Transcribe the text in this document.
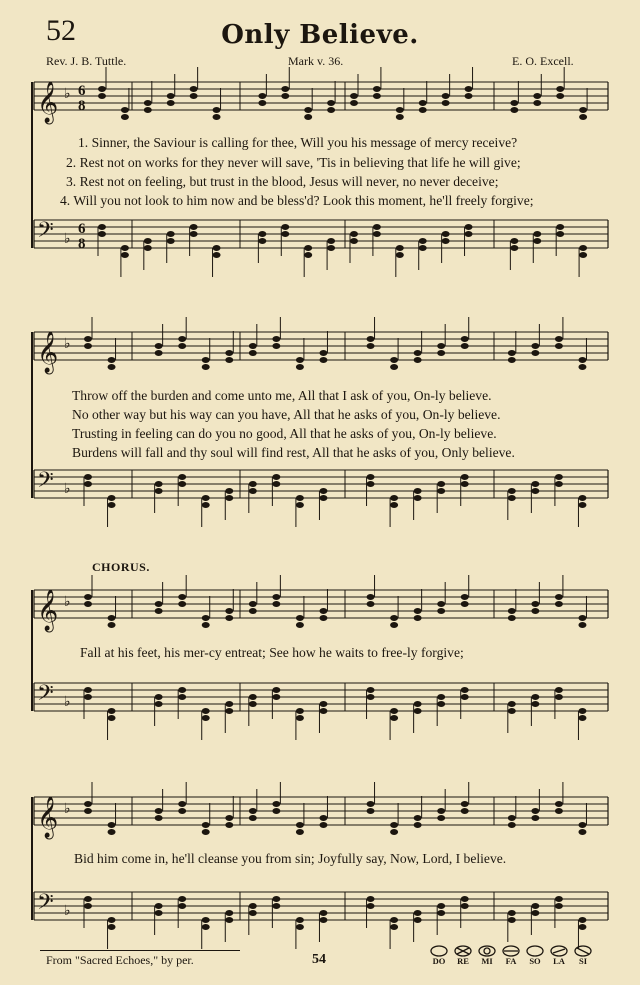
52	Only Believe.
Rev. J. B. Tuttle.	Mark v. 36.	E. O. Excell.
𝄞 ♭ 6
8
𝄢 ♭
6
8
1. Sinner, the Saviour is calling for thee, Will you his message of mercy receive?
2. Rest not on works for they never will save, 'Tis in believing that life he will give;
3. Rest not on feeling, but trust in the blood, Jesus will never, no never deceive;
4. Will you not look to him now and be bless'd? Look this moment, he'll freely forgive;
𝄞 ♭
𝄢 ♭
Throw off the burden and come unto me, All that I ask of you, On-ly believe.
No other way but his way can you have, All that he asks of you, On-ly believe.
Trusting in feeling can do you no good, All that he asks of you, On-ly believe.
Burdens will fall and thy soul will find rest, All that he asks of you, Only believe.
CHORUS.
𝄞 ♭
𝄢 ♭
Fall at his feet, his mer-cy entreat; See how he waits to free-ly forgive;
𝄞 ♭
𝄢 ♭
Bid him come in, he'll cleanse you from sin; Joyfully say, Now, Lord, I believe.
From "Sacred Echoes," by per.	54	DO	RE	MI	FA	SO	LA	SI
